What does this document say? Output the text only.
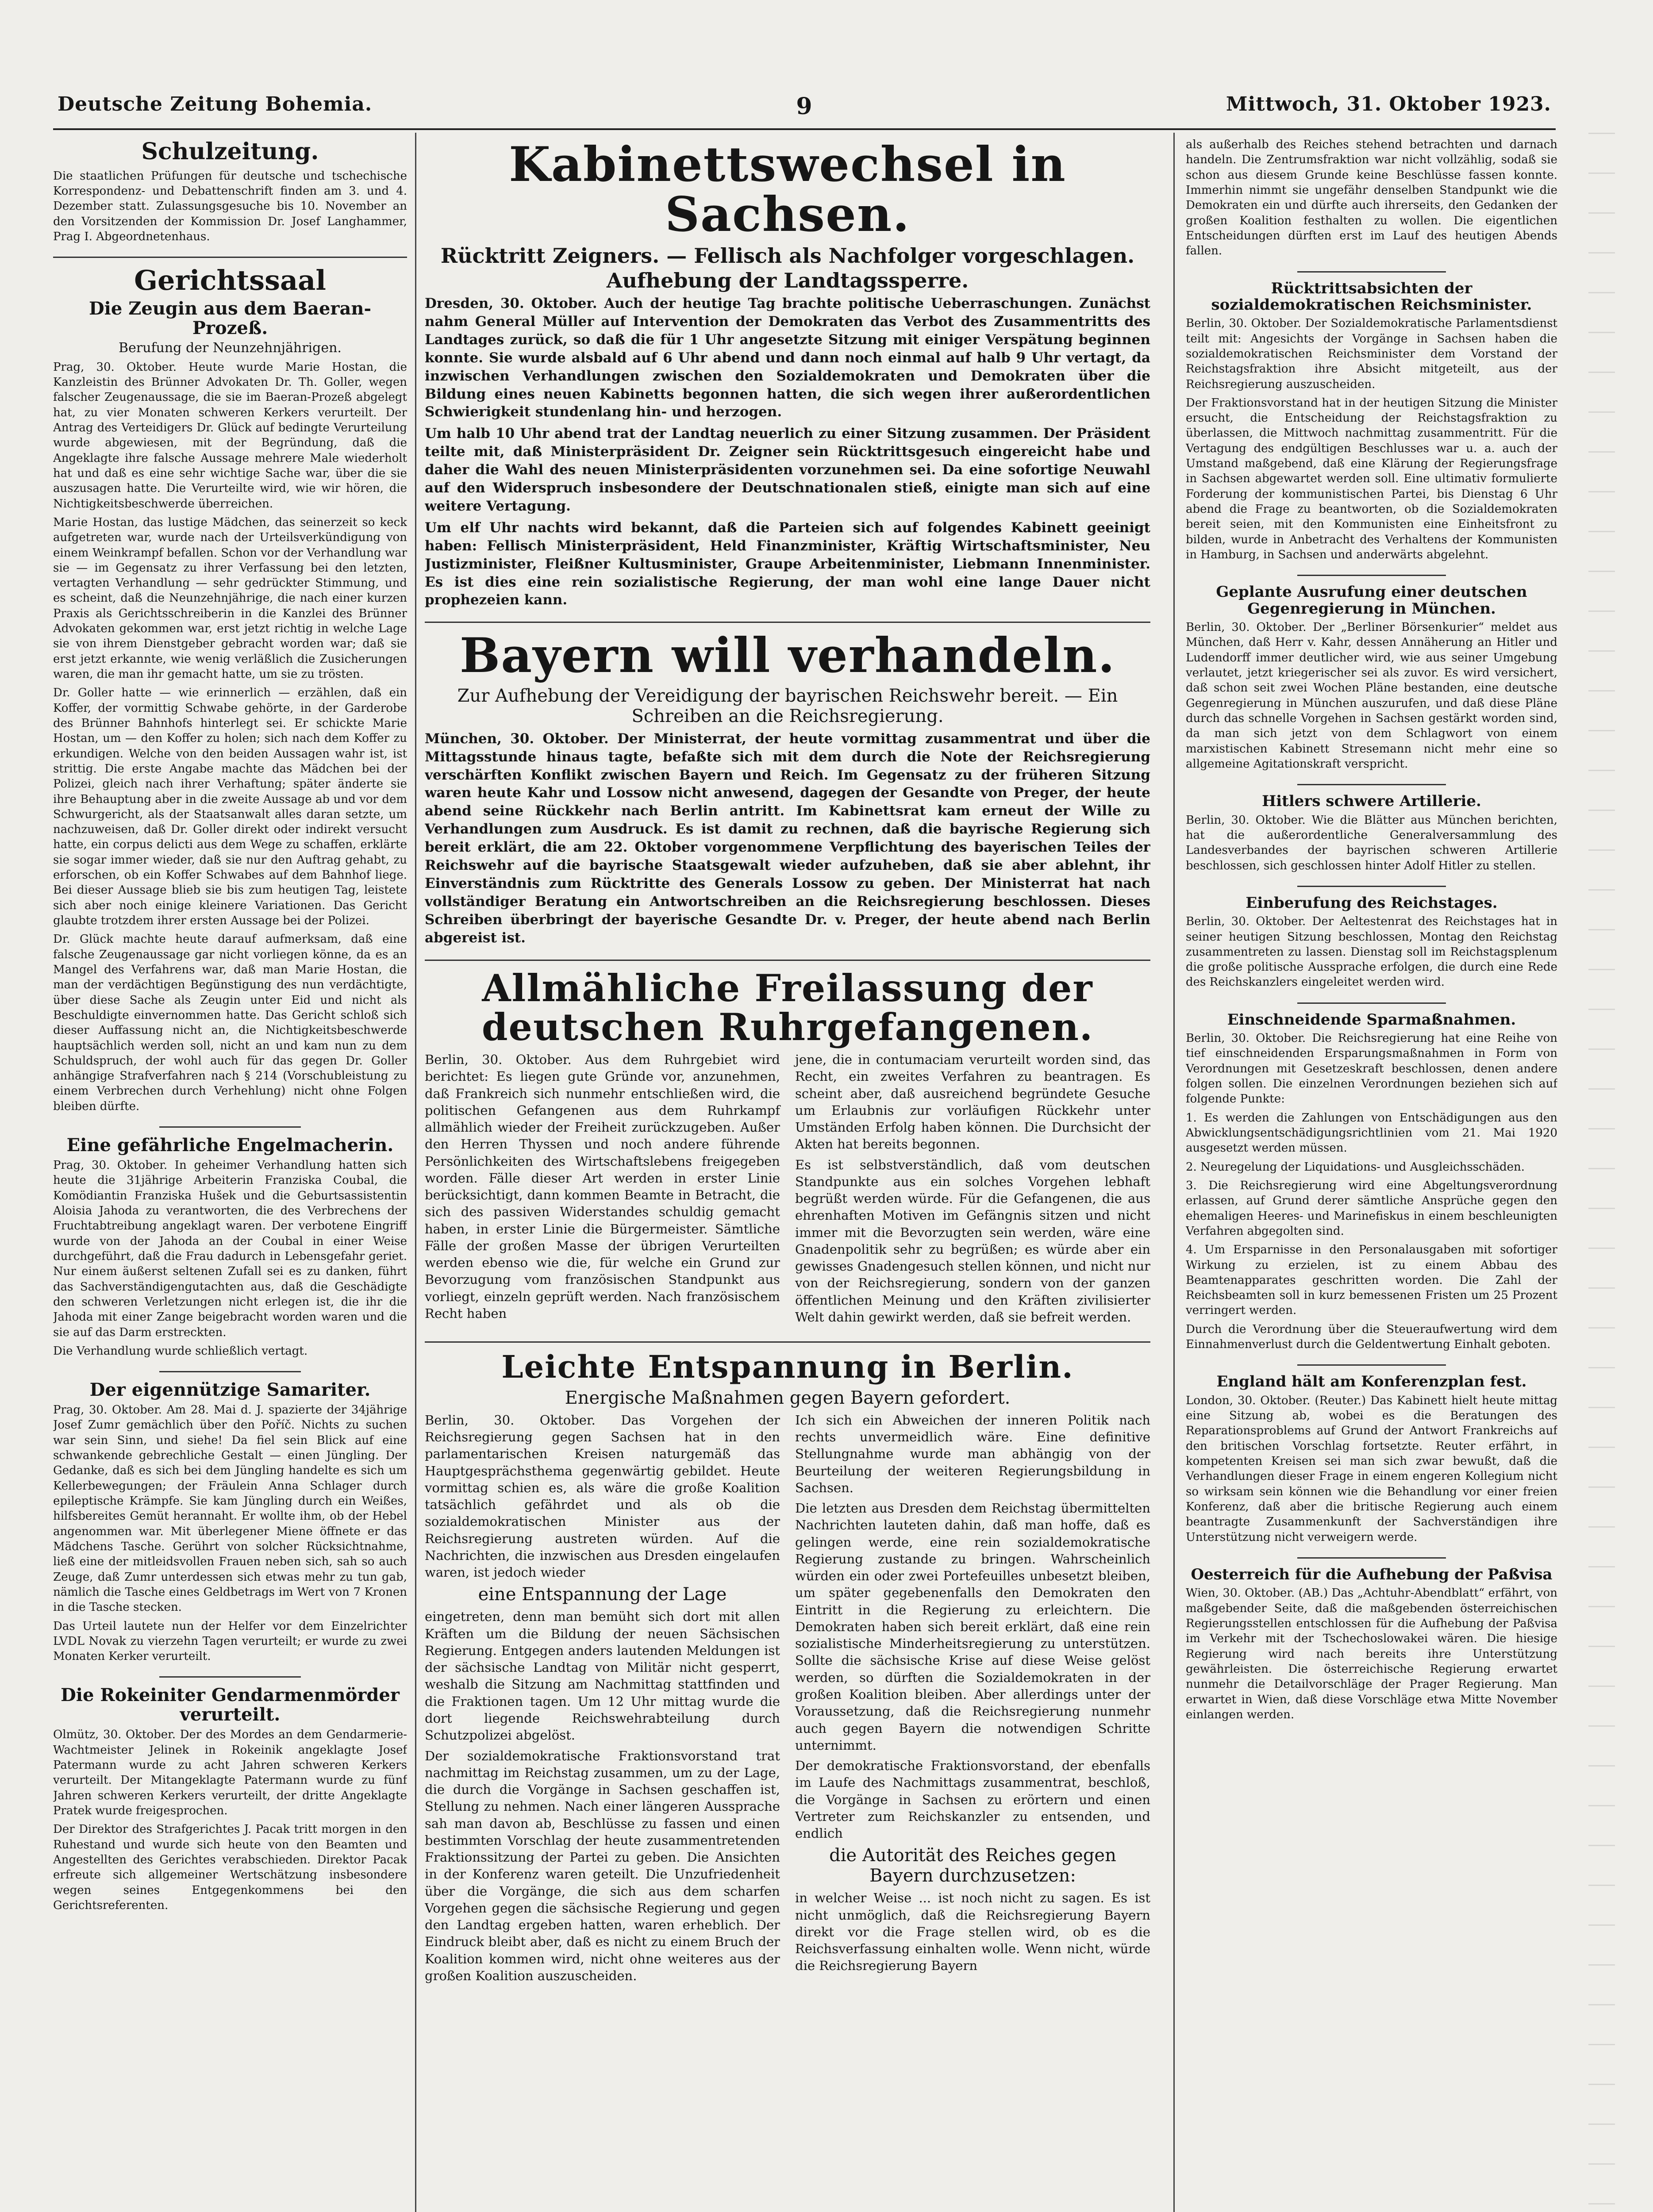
Deutsche Zeitung Bohemia.	9	Mittwoch, 31. Oktober 1923.
Schulzeitung.

Die staatlichen Prüfungen für deutsche und tschechische Korrespondenz- und Debattenschrift finden am 3. und 4. Dezember statt. Zulassungsgesuche bis 10. November an den Vorsitzenden der Kommission Dr. Josef Langhammer, Prag I. Abgeordnetenhaus.

Gerichtssaal
Die Zeugin aus dem Baeran-Prozeß.
Berufung der Neunzehnjährigen.

Prag, 30. Oktober. Heute wurde Marie Hostan, die Kanzleistin des Brünner Advokaten Dr. Th. Goller, wegen falscher Zeugenaussage, die sie im Baeran-Prozeß abgelegt hat, zu vier Monaten schweren Kerkers verurteilt. Der Antrag des Verteidigers Dr. Glück auf bedingte Verurteilung wurde abgewiesen, mit der Begründung, daß die Angeklagte ihre falsche Aussage mehrere Male wiederholt hat und daß es eine sehr wichtige Sache war, über die sie auszusagen hatte. Die Verurteilte wird, wie wir hören, die Nichtigkeitsbeschwerde überreichen.

Marie Hostan, das lustige Mädchen, das seinerzeit so keck aufgetreten war, wurde nach der Urteilsverkündigung von einem Weinkrampf befallen. Schon vor der Verhandlung war sie — im Gegensatz zu ihrer Verfassung bei den letzten, vertagten Verhandlung — sehr gedrückter Stimmung, und es scheint, daß die Neunzehnjährige, die nach einer kurzen Praxis als Gerichtsschreiberin in die Kanzlei des Brünner Advokaten gekommen war, erst jetzt richtig in welche Lage sie von ihrem Dienstgeber gebracht worden war; daß sie erst jetzt erkannte, wie wenig verläßlich die Zusicherungen waren, die man ihr gemacht hatte, um sie zu trösten.

Dr. Goller hatte — wie erinnerlich — erzählen, daß ein Koffer, der vormittig Schwabe gehörte, in der Garderobe des Brünner Bahnhofs hinterlegt sei. Er schickte Marie Hostan, um — den Koffer zu holen; sich nach dem Koffer zu erkundigen. Welche von den beiden Aussagen wahr ist, ist strittig. Die erste Angabe machte das Mädchen bei der Polizei, gleich nach ihrer Verhaftung; später änderte sie ihre Behauptung aber in die zweite Aussage ab und vor dem Schwurgericht, als der Staatsanwalt alles daran setzte, um nachzuweisen, daß Dr. Goller direkt oder indirekt versucht hatte, ein corpus delicti aus dem Wege zu schaffen, erklärte sie sogar immer wieder, daß sie nur den Auftrag gehabt, zu erforschen, ob ein Koffer Schwabes auf dem Bahnhof liege. Bei dieser Aussage blieb sie bis zum heutigen Tag, leistete sich aber noch einige kleinere Variationen. Das Gericht glaubte trotzdem ihrer ersten Aussage bei der Polizei.

Dr. Glück machte heute darauf aufmerksam, daß eine falsche Zeugenaussage gar nicht vorliegen könne, da es an Mangel des Verfahrens war, daß man Marie Hostan, die man der verdächtigen Begünstigung des nun verdächtigte, über diese Sache als Zeugin unter Eid und nicht als Beschuldigte einvernommen hatte. Das Gericht schloß sich dieser Auffassung nicht an, die Nichtigkeitsbeschwerde hauptsächlich werden soll, nicht an und kam nun zu dem Schuldspruch, der wohl auch für das gegen Dr. Goller anhängige Strafverfahren nach § 214 (Vorschubleistung zu einem Verbrechen durch Verhehlung) nicht ohne Folgen bleiben dürfte.

Eine gefährliche Engelmacherin.

Prag, 30. Oktober. In geheimer Verhandlung hatten sich heute die 31jährige Arbeiterin Franziska Coubal, die Komödiantin Franziska Hušek und die Geburtsassistentin Aloisia Jahoda zu verantworten, die des Verbrechens der Fruchtabtreibung angeklagt waren. Der verbotene Eingriff wurde von der Jahoda an der Coubal in einer Weise durchgeführt, daß die Frau dadurch in Lebensgefahr geriet. Nur einem äußerst seltenen Zufall sei es zu danken, führt das Sachverständigengutachten aus, daß die Geschädigte den schweren Verletzungen nicht erlegen ist, die ihr die Jahoda mit einer Zange beigebracht worden waren und die sie auf das Darm erstreckten.

Die Verhandlung wurde schließlich vertagt.

Der eigennützige Samariter.

Prag, 30. Oktober. Am 28. Mai d. J. spazierte der 34jährige Josef Zumr gemächlich über den Poříč. Nichts zu suchen war sein Sinn, und siehe! Da fiel sein Blick auf eine schwankende gebrechliche Gestalt — einen Jüngling. Der Gedanke, daß es sich bei dem Jüngling handelte es sich um Kellerbewegungen; der Fräulein Anna Schlager durch epileptische Krämpfe. Sie kam Jüngling durch ein Weißes, hilfsbereites Gemüt herannaht. Er wollte ihm, ob der Hebel angenommen war. Mit überlegener Miene öffnete er das Mädchens Tasche. Gerührt von solcher Rücksichtnahme, ließ eine der mitleidsvollen Frauen neben sich, sah so auch Zeuge, daß Zumr unterdessen sich etwas mehr zu tun gab, nämlich die Tasche eines Geldbetrags im Wert von 7 Kronen in die Tasche stecken.

Das Urteil lautete nun der Helfer vor dem Einzelrichter LVDL Novak zu vierzehn Tagen verurteilt; er wurde zu zwei Monaten Kerker verurteilt.

Die Rokeiniter Gendarmenmörder verurteilt.

Olmütz, 30. Oktober. Der des Mordes an dem Gendarmerie-Wachtmeister Jelinek in Rokeinik angeklagte Josef Patermann wurde zu acht Jahren schweren Kerkers verurteilt. Der Mitangeklagte Patermann wurde zu fünf Jahren schweren Kerkers verurteilt, der dritte Angeklagte Pratek wurde freigesprochen.

Der Direktor des Strafgerichtes J. Pacak tritt morgen in den Ruhestand und wurde sich heute von den Beamten und Angestellten des Gerichtes verabschieden. Direktor Pacak erfreute sich allgemeiner Wertschätzung insbesondere wegen seines Entgegenkommens bei den Gerichtsreferenten.

Kabinettswechsel in Sachsen.
Rücktritt Zeigners. — Fellisch als Nachfolger vorgeschlagen.
Aufhebung der Landtagssperre.

Dresden, 30. Oktober. Auch der heutige Tag brachte politische Ueberraschungen. Zunächst nahm General Müller auf Intervention der Demokraten das Verbot des Zusammentritts des Landtages zurück, so daß die für 1 Uhr angesetzte Sitzung mit einiger Verspätung beginnen konnte. Sie wurde alsbald auf 6 Uhr abend und dann noch einmal auf halb 9 Uhr vertagt, da inzwischen Verhandlungen zwischen den Sozialdemokraten und Demokraten über die Bildung eines neuen Kabinetts begonnen hatten, die sich wegen ihrer außerordentlichen Schwierigkeit stundenlang hin- und herzogen.

Um halb 10 Uhr abend trat der Landtag neuerlich zu einer Sitzung zusammen. Der Präsident teilte mit, daß Ministerpräsident Dr. Zeigner sein Rücktrittsgesuch eingereicht habe und daher die Wahl des neuen Ministerpräsidenten vorzunehmen sei. Da eine sofortige Neuwahl auf den Widerspruch insbesondere der Deutschnationalen stieß, einigte man sich auf eine weitere Vertagung.

Um elf Uhr nachts wird bekannt, daß die Parteien sich auf folgendes Kabinett geeinigt haben: Fellisch Ministerpräsident, Held Finanzminister, Kräftig Wirtschaftsminister, Neu Justizminister, Fleißner Kultusminister, Graupe Arbeitenminister, Liebmann Innenminister. Es ist dies eine rein sozialistische Regierung, der man wohl eine lange Dauer nicht prophezeien kann.

Bayern will verhandeln.
Zur Aufhebung der Vereidigung der bayrischen Reichswehr bereit. — Ein Schreiben an die Reichsregierung.

München, 30. Oktober. Der Ministerrat, der heute vormittag zusammentrat und über die Mittagsstunde hinaus tagte, befaßte sich mit dem durch die Note der Reichsregierung verschärften Konflikt zwischen Bayern und Reich. Im Gegensatz zu der früheren Sitzung waren heute Kahr und Lossow nicht anwesend, dagegen der Gesandte von Preger, der heute abend seine Rückkehr nach Berlin antritt. Im Kabinettsrat kam erneut der Wille zu Verhandlungen zum Ausdruck. Es ist damit zu rechnen, daß die bayrische Regierung sich bereit erklärt, die am 22. Oktober vorgenommene Verpflichtung des bayerischen Teiles der Reichswehr auf die bayrische Staatsgewalt wieder aufzuheben, daß sie aber ablehnt, ihr Einverständnis zum Rücktritte des Generals Lossow zu geben. Der Ministerrat hat nach vollständiger Beratung ein Antwortschreiben an die Reichsregierung beschlossen. Dieses Schreiben überbringt der bayerische Gesandte Dr. v. Preger, der heute abend nach Berlin abgereist ist.

Allmähliche Freilassung der deutschen Ruhrgefangenen.

Berlin, 30. Oktober. Aus dem Ruhrgebiet wird berichtet: Es liegen gute Gründe vor, anzunehmen, daß Frankreich sich nunmehr entschließen wird, die politischen Gefangenen aus dem Ruhrkampf allmählich wieder der Freiheit zurückzugeben. Außer den Herren Thyssen und noch andere führende Persönlichkeiten des Wirtschaftslebens freigegeben worden. Fälle dieser Art werden in erster Linie berücksichtigt, dann kommen Beamte in Betracht, die sich des passiven Widerstandes schuldig gemacht haben, in erster Linie die Bürgermeister. Sämtliche Fälle der großen Masse der übrigen Verurteilten werden ebenso wie die, für welche ein Grund zur Bevorzugung vom französischen Standpunkt aus vorliegt, einzeln geprüft werden. Nach französischem Recht haben

jene, die in contumaciam verurteilt worden sind, das Recht, ein zweites Verfahren zu beantragen. Es scheint aber, daß ausreichend begründete Gesuche um Erlaubnis zur vorläufigen Rückkehr unter Umständen Erfolg haben können. Die Durchsicht der Akten hat bereits begonnen.

Es ist selbstverständlich, daß vom deutschen Standpunkte aus ein solches Vorgehen lebhaft begrüßt werden würde. Für die Gefangenen, die aus ehrenhaften Motiven im Gefängnis sitzen und nicht immer mit die Bevorzugten sein werden, wäre eine Gnadenpolitik sehr zu begrüßen; es würde aber ein gewisses Gnadengesuch stellen können, und nicht nur von der Reichsregierung, sondern von der ganzen öffentlichen Meinung und den Kräften zivilisierter Welt dahin gewirkt werden, daß sie befreit werden.

Leichte Entspannung in Berlin.
Energische Maßnahmen gegen Bayern gefordert.

Berlin, 30. Oktober. Das Vorgehen der Reichsregierung gegen Sachsen hat in den parlamentarischen Kreisen naturgemäß das Hauptgesprächsthema gegenwärtig gebildet. Heute vormittag schien es, als wäre die große Koalition tatsächlich gefährdet und als ob die sozialdemokratischen Minister aus der Reichsregierung austreten würden. Auf die Nachrichten, die inzwischen aus Dresden eingelaufen waren, ist jedoch wieder

eine Entspannung der Lage

eingetreten, denn man bemüht sich dort mit allen Kräften um die Bildung der neuen Sächsischen Regierung. Entgegen anders lautenden Meldungen ist der sächsische Landtag von Militär nicht gesperrt, weshalb die Sitzung am Nachmittag stattfinden und die Fraktionen tagen. Um 12 Uhr mittag wurde die dort liegende Reichswehrabteilung durch Schutzpolizei abgelöst.

Der sozialdemokratische Fraktionsvorstand trat nachmittag im Reichstag zusammen, um zu der Lage, die durch die Vorgänge in Sachsen geschaffen ist, Stellung zu nehmen. Nach einer längeren Aussprache sah man davon ab, Beschlüsse zu fassen und einen bestimmten Vorschlag der heute zusammentretenden Fraktionssitzung der Partei zu geben. Die Ansichten in der Konferenz waren geteilt. Die Unzufriedenheit über die Vorgänge, die sich aus dem scharfen Vorgehen gegen die sächsische Regierung und gegen den Landtag ergeben hatten, waren erheblich. Der Eindruck bleibt aber, daß es nicht zu einem Bruch der Koalition kommen wird, nicht ohne weiteres aus der großen Koalition auszuscheiden.

Ich sich ein Abweichen der inneren Politik nach rechts unvermeidlich wäre. Eine definitive Stellungnahme wurde man abhängig von der Beurteilung der weiteren Regierungsbildung in Sachsen.

Die letzten aus Dresden dem Reichstag übermittelten Nachrichten lauteten dahin, daß man hoffe, daß es gelingen werde, eine rein sozialdemokratische Regierung zustande zu bringen. Wahrscheinlich würden ein oder zwei Portefeuilles unbesetzt bleiben, um später gegebenenfalls den Demokraten den Eintritt in die Regierung zu erleichtern. Die Demokraten haben sich bereit erklärt, daß eine rein sozialistische Minderheitsregierung zu unterstützen. Sollte die sächsische Krise auf diese Weise gelöst werden, so dürften die Sozialdemokraten in der großen Koalition bleiben. Aber allerdings unter der Voraussetzung, daß die Reichsregierung nunmehr auch gegen Bayern die notwendigen Schritte unternimmt.

Der demokratische Fraktionsvorstand, der ebenfalls im Laufe des Nachmittags zusammentrat, beschloß, die Vorgänge in Sachsen zu erörtern und einen Vertreter zum Reichskanzler zu entsenden, und endlich

die Autorität des Reiches gegen Bayern durchzusetzen:

in welcher Weise ... ist noch nicht zu sagen. Es ist nicht unmöglich, daß die Reichsregierung Bayern direkt vor die Frage stellen wird, ob es die Reichsverfassung einhalten wolle. Wenn nicht, würde die Reichsregierung Bayern

als außerhalb des Reiches stehend betrachten und darnach handeln. Die Zentrumsfraktion war nicht vollzählig, sodaß sie schon aus diesem Grunde keine Beschlüsse fassen konnte. Immerhin nimmt sie ungefähr denselben Standpunkt wie die Demokraten ein und dürfte auch ihrerseits, den Gedanken der großen Koalition festhalten zu wollen. Die eigentlichen Entscheidungen dürften erst im Lauf des heutigen Abends fallen.

Rücktrittsabsichten der sozialdemokratischen Reichsminister.

Berlin, 30. Oktober. Der Sozialdemokratische Parlamentsdienst teilt mit: Angesichts der Vorgänge in Sachsen haben die sozialdemokratischen Reichsminister dem Vorstand der Reichstagsfraktion ihre Absicht mitgeteilt, aus der Reichsregierung auszuscheiden.

Der Fraktionsvorstand hat in der heutigen Sitzung die Minister ersucht, die Entscheidung der Reichstagsfraktion zu überlassen, die Mittwoch nachmittag zusammentritt. Für die Vertagung des endgültigen Beschlusses war u. a. auch der Umstand maßgebend, daß eine Klärung der Regierungsfrage in Sachsen abgewartet werden soll. Eine ultimativ formulierte Forderung der kommunistischen Partei, bis Dienstag 6 Uhr abend die Frage zu beantworten, ob die Sozialdemokraten bereit seien, mit den Kommunisten eine Einheitsfront zu bilden, wurde in Anbetracht des Verhaltens der Kommunisten in Hamburg, in Sachsen und anderwärts abgelehnt.

Geplante Ausrufung einer deutschen Gegenregierung in München.

Berlin, 30. Oktober. Der „Berliner Börsenkurier“ meldet aus München, daß Herr v. Kahr, dessen Annäherung an Hitler und Ludendorff immer deutlicher wird, wie aus seiner Umgebung verlautet, jetzt kriegerischer sei als zuvor. Es wird versichert, daß schon seit zwei Wochen Pläne bestanden, eine deutsche Gegenregierung in München auszurufen, und daß diese Pläne durch das schnelle Vorgehen in Sachsen gestärkt worden sind, da man sich jetzt von dem Schlagwort von einem marxistischen Kabinett Stresemann nicht mehr eine so allgemeine Agitationskraft verspricht.

Hitlers schwere Artillerie.

Berlin, 30. Oktober. Wie die Blätter aus München berichten, hat die außerordentliche Generalversammlung des Landesverbandes der bayrischen schweren Artillerie beschlossen, sich geschlossen hinter Adolf Hitler zu stellen.

Einberufung des Reichstages.

Berlin, 30. Oktober. Der Aeltestenrat des Reichstages hat in seiner heutigen Sitzung beschlossen, Montag den Reichstag zusammentreten zu lassen. Dienstag soll im Reichstagsplenum die große politische Aussprache erfolgen, die durch eine Rede des Reichskanzlers eingeleitet werden wird.

Einschneidende Sparmaßnahmen.

Berlin, 30. Oktober. Die Reichsregierung hat eine Reihe von tief einschneidenden Ersparungsmaßnahmen in Form von Verordnungen mit Gesetzeskraft beschlossen, denen andere folgen sollen. Die einzelnen Verordnungen beziehen sich auf folgende Punkte:

1. Es werden die Zahlungen von Entschädigungen aus den Abwicklungsentschädigungsrichtlinien vom 21. Mai 1920 ausgesetzt werden müssen.

2. Neuregelung der Liquidations- und Ausgleichsschäden.

3. Die Reichsregierung wird eine Abgeltungsverordnung erlassen, auf Grund derer sämtliche Ansprüche gegen den ehemaligen Heeres- und Marinefiskus in einem beschleunigten Verfahren abgegolten sind.

4. Um Ersparnisse in den Personalausgaben mit sofortiger Wirkung zu erzielen, ist zu einem Abbau des Beamtenapparates geschritten worden. Die Zahl der Reichsbeamten soll in kurz bemessenen Fristen um 25 Prozent verringert werden.

Durch die Verordnung über die Steueraufwertung wird dem Einnahmenverlust durch die Geldentwertung Einhalt geboten.

England hält am Konferenzplan fest.

London, 30. Oktober. (Reuter.) Das Kabinett hielt heute mittag eine Sitzung ab, wobei es die Beratungen des Reparationsproblems auf Grund der Antwort Frankreichs auf den britischen Vorschlag fortsetzte. Reuter erfährt, in kompetenten Kreisen sei man sich zwar bewußt, daß die Verhandlungen dieser Frage in einem engeren Kollegium nicht so wirksam sein können wie die Behandlung vor einer freien Konferenz, daß aber die britische Regierung auch einem beantragte Zusammenkunft der Sachverständigen ihre Unterstützung nicht verweigern werde.

Oesterreich für die Aufhebung der Paßvisa

Wien, 30. Oktober. (AB.) Das „Achtuhr-Abendblatt“ erfährt, von maßgebender Seite, daß die maßgebenden österreichischen Regierungsstellen entschlossen für die Aufhebung der Paßvisa im Verkehr mit der Tschechoslowakei wären. Die hiesige Regierung wird nach bereits ihre Unterstützung gewährleisten. Die österreichische Regierung erwartet nunmehr die Detailvorschläge der Prager Regierung. Man erwartet in Wien, daß diese Vorschläge etwa Mitte November einlangen werden.
